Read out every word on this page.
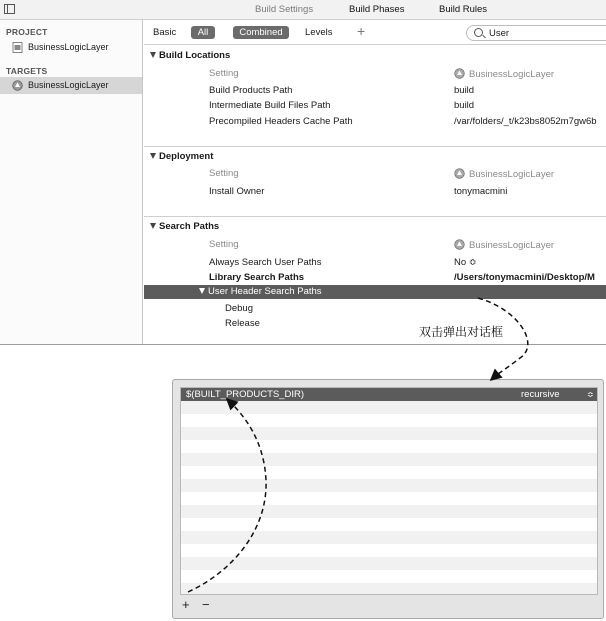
Build Settings	Build Phases	Build Rules
PROJECT
BusinessLogicLayer
TARGETS
BusinessLogicLayer
Basic	All	Combined	Levels +	User
Build Locations
Setting	BusinessLogicLayer
Build Products Path	build
Intermediate Build Files Path	build
Precompiled Headers Cache Path	/var/folders/_t/k23bs8052m7gw6b
Deployment
Setting	BusinessLogicLayer
Install Owner	tonymacmini
Search Paths
Setting	BusinessLogicLayer
Always Search User Paths	No ≎
Library Search Paths	/Users/tonymacmini/Desktop/M
User Header Search Paths
Debug
Release
双击弹出对话框
$(BUILT_PRODUCTS_DIR)	recursive	≎
+ −
